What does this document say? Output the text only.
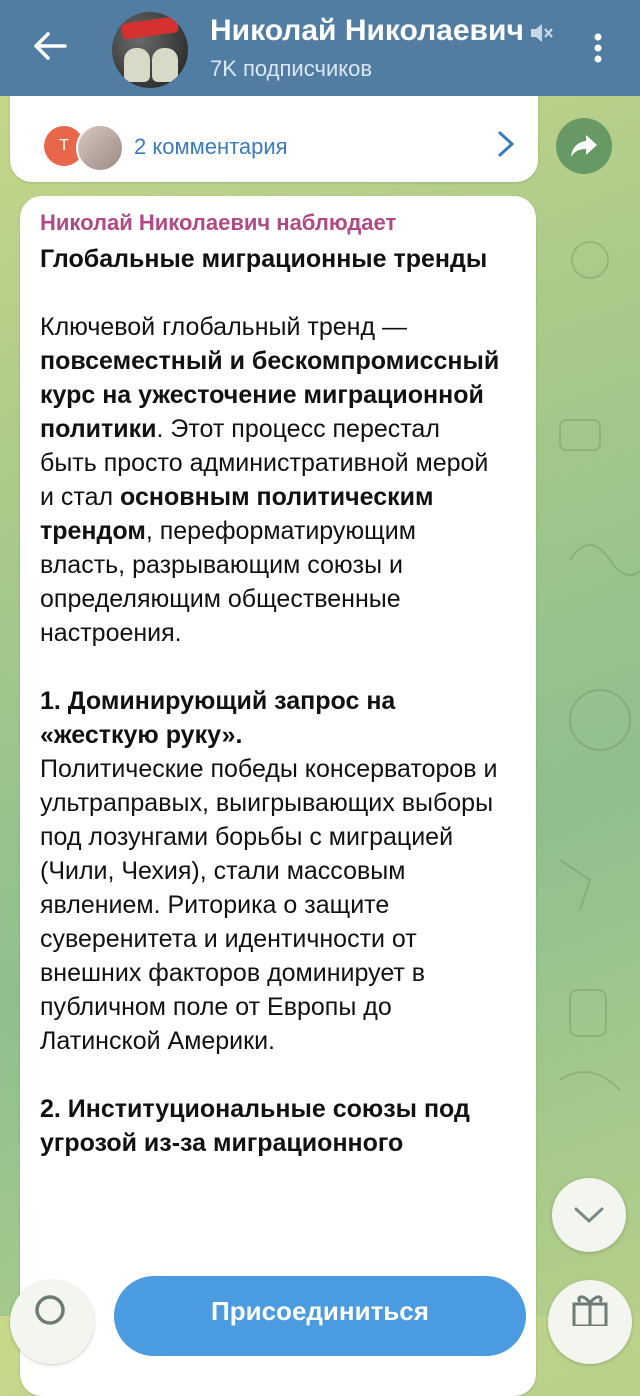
Николай Николаевич
7K подписчиков
Т	2 комментария
Николай Николаевич наблюдает

Глобальные миграционные тренды

Ключевой глобальный тренд — повсеместный и бескомпромиссный курс на ужесточение миграционной политики. Этот процесс перестал быть просто административной мерой и стал основным политическим трендом, переформатирующим власть, разрывающим союзы и определяющим общественные настроения.

1. Доминирующий запрос на «жесткую руку».

Политические победы консерваторов и ультраправых, выигрывающих выборы под лозунгами борьбы с миграцией (Чили, Чехия), стали массовым явлением. Риторика о защите суверенитета и идентичности от внешних факторов доминирует в публичном поле от Европы до Латинской Америки.

2. Институциональные союзы под угрозой из-за миграционного

Присоединиться
